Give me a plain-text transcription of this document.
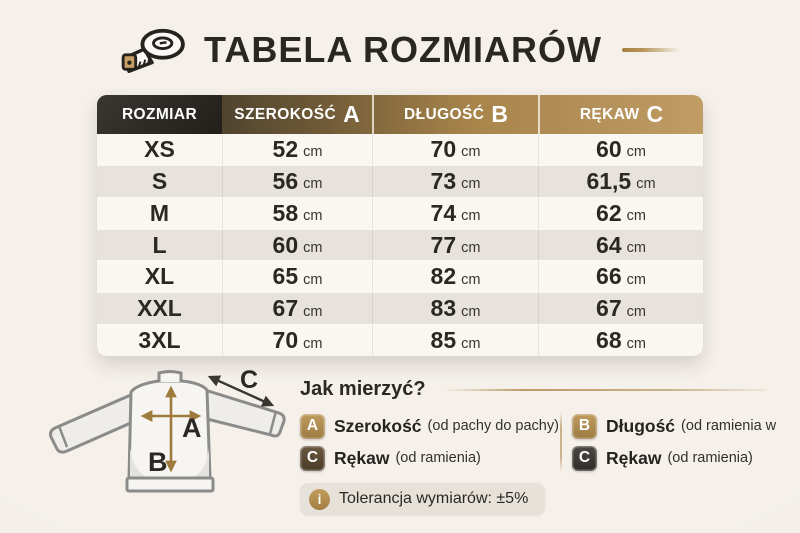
TABELA ROZMIARÓW
ROZMIAR SZEROKOŚĆ A	DŁUGOŚĆ B	RĘKAW C
XS	52 cm	70 cm	60 cm
S	56 cm	73 cm	61,5 cm
M	58 cm	74 cm	62 cm
L	60 cm	77 cm	64 cm
XL	65 cm	82 cm	66 cm
XXL	67 cm	83 cm	67 cm
3XL	70 cm	85 cm	68 cm
A
B
C Jak mierzyć?
A Szerokość (od pachy do pachy)
C Rękaw (od ramienia)
B Długość (od ramienia w
C Rękaw (od ramienia)
i	Tolerancja wymiarów: ±5%
